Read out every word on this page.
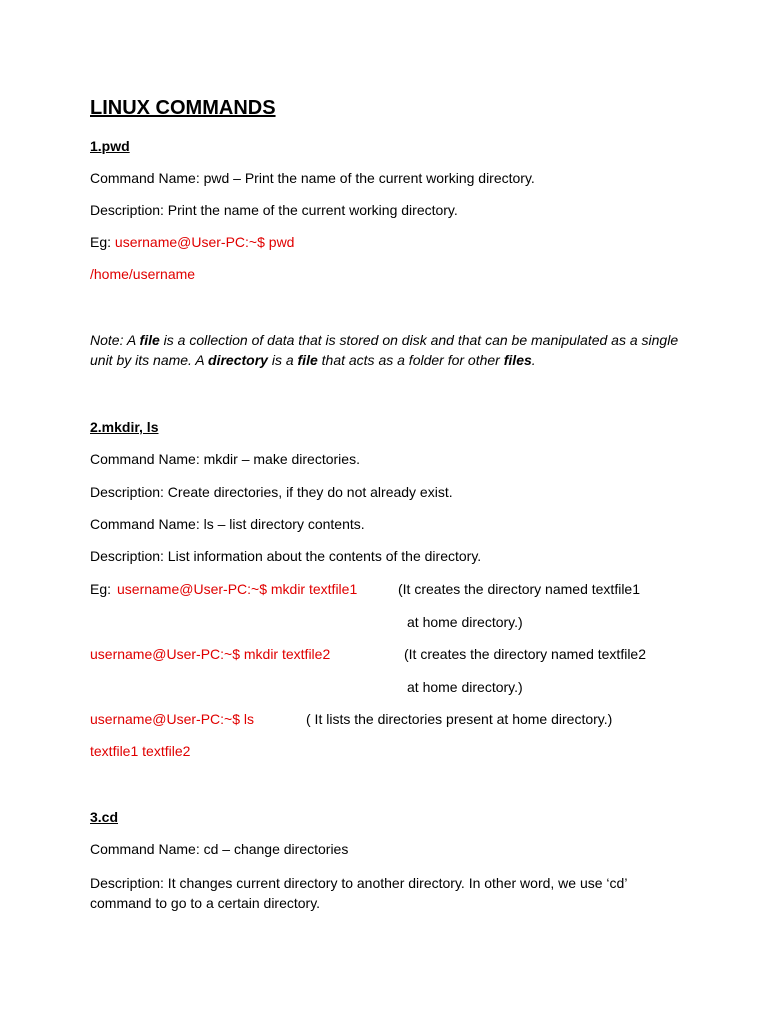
LINUX COMMANDS
1.pwd
Command Name: pwd – Print the name of the current working directory.
Description: Print the name of the current working directory.
Eg: username@User-PC:~$ pwd
/home/username
Note: A file is a collection of data that is stored on disk and that can be manipulated as a single unit by its name. A directory is a file that acts as a folder for other files.
2.mkdir, ls
Command Name: mkdir – make directories.
Description: Create directories, if they do not already exist.
Command Name: ls – list directory contents.
Description: List information about the contents of the directory.
Eg: username@User-PC:~$ mkdir textfile1	(It creates the directory named textfile1
at home directory.)
username@User-PC:~$ mkdir textfile2	(It creates the directory named textfile2
at home directory.)
username@User-PC:~$ ls	( It lists the directories present at home directory.)
textfile1 textfile2
3.cd
Command Name: cd – change directories
Description: It changes current directory to another directory. In other word, we use ‘cd’ command to go to a certain directory.
